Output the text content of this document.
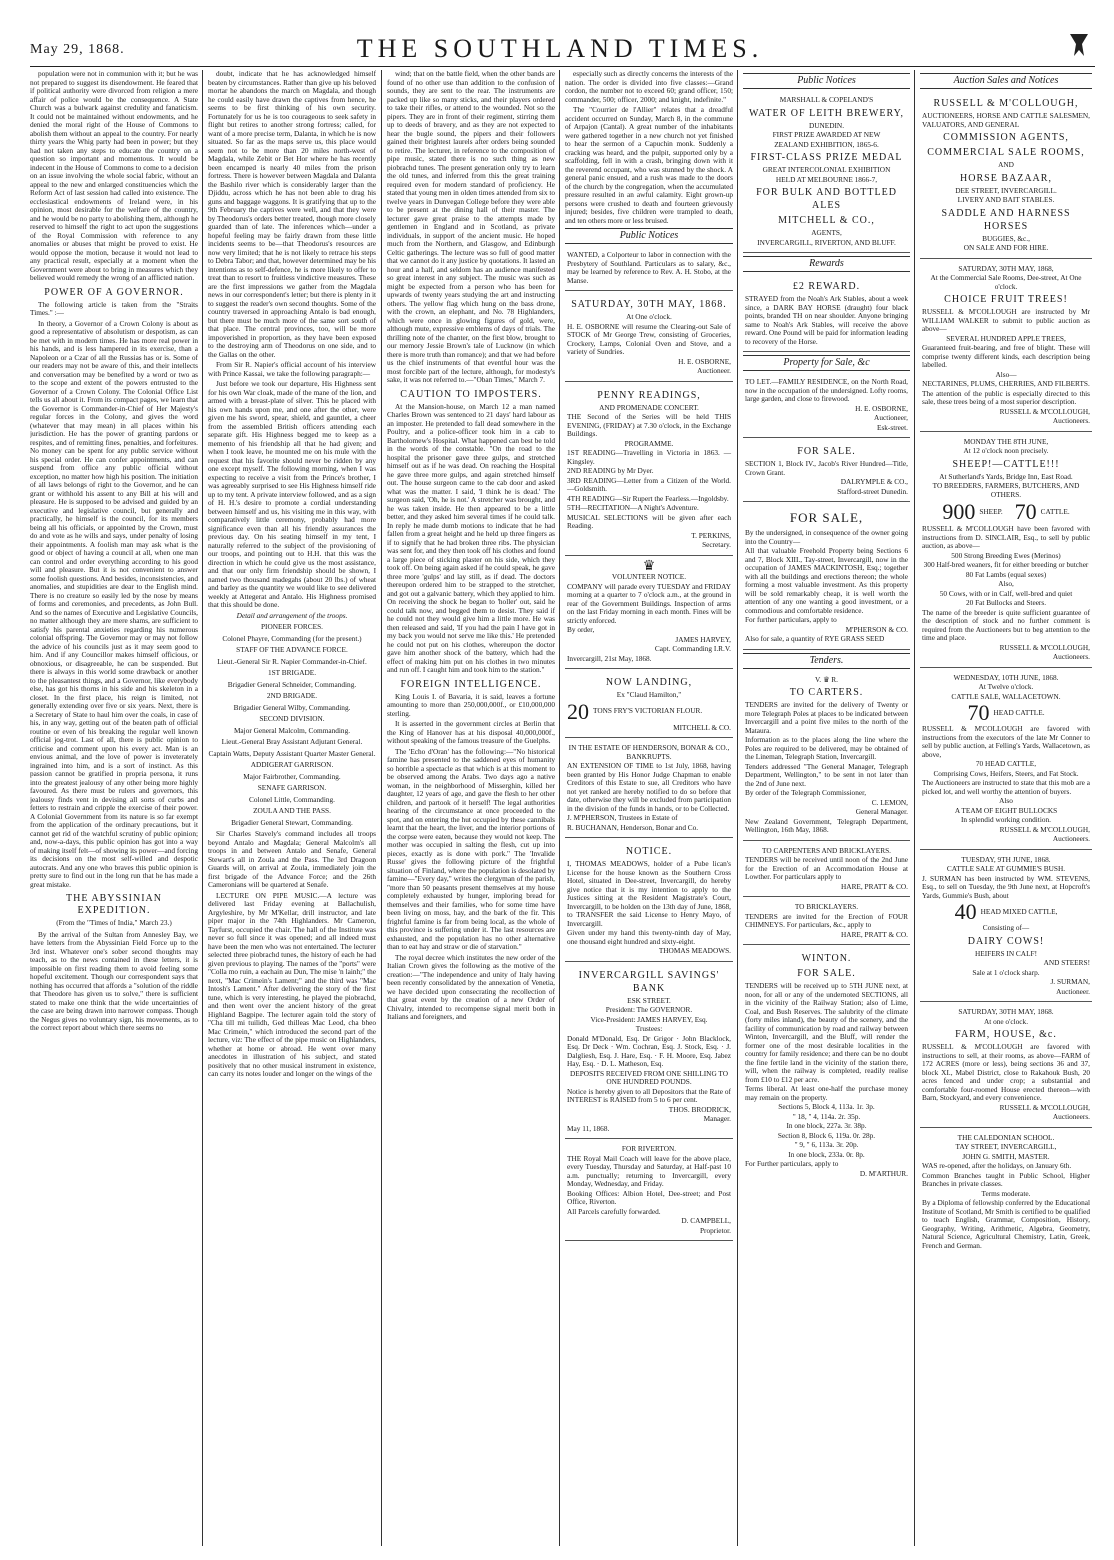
May 29, 1868.	THE SOUTHLAND TIMES.

population were not in communion with it; but he was not prepared to suggest its disendowment. He feared that if political authority were divorced from religion a mere affair of police would be the consequence. A State Church was a bulwark against credulity and fanaticism. It could not be maintained without endowments, and he denied the moral right of the House of Commons to abolish them without an appeal to the country. For nearly thirty years the Whig party had been in power; but they had not taken any steps to educate the country on a question so important and momentous. It would be indecent in the House of Commons to come to a decision on an issue involving the whole social fabric, without an appeal to the new and enlarged constituencies which the Reform Act of last session had called into existence. The ecclesiastical endowments of Ireland were, in his opinion, most desirable for the welfare of the country, and he would be no party to abolishing them, although he reserved to himself the right to act upon the suggestions of the Royal Commission with reference to any anomalies or abuses that might be proved to exist. He would oppose the motion, because it would not lead to any practical result, especially at a moment when the Government were about to bring in measures which they believed would remedy the wrong of an afflicted nation.

POWER OF A GOVERNOR.

The following article is taken from the "Straits Times." :—

In theory, a Governor of a Crown Colony is about as good a representative of absolutism or despotism, as can be met with in modern times. He has more real power in his hands, and is less hampered in its exercise, than a Napoleon or a Czar of all the Russias has or is. Some of our readers may not be aware of this, and their intellects and conversation may be benefited by a word or two as to the scope and extent of the powers entrusted to the Governor of a Crown Colony. The Colonial Office List tells us all about it. From its compact pages, we learn that the Governor is Commander-in-Chief of Her Majesty's regular forces in the Colony, and gives the word (whatever that may mean) in all places within his jurisdiction. He has the power of granting pardons or respites, and of remitting fines, penalties, and forfeitures. No money can be spent for any public service without his special order. He can confer appointments, and can suspend from office any public official without exception, no matter how high his position. The initiation of all laws belongs of right to the Governor, and he can grant or withhold his assent to any Bill at his will and pleasure. He is supposed to be advised and guided by an executive and legislative council, but generally and practically, he himself is the council, for its members being all his officials, or appointed by the Crown, must do and vote as he wills and says, under penalty of losing their appointments. A foolish man may ask what is the good or object of having a council at all, when one man can control and order everything according to his good will and pleasure. But it is not convenient to answer some foolish questions. And besides, inconsistencies, and anomalies, and stupidities are dear to the English mind. There is no creature so easily led by the nose by means of forms and ceremonies, and precedents, as John Bull. And so the names of Executive and Legislative Councils, no matter although they are mere shams, are sufficient to satisfy his parental anxieties regarding his numerous colonial offspring. The Governor may or may not follow the advice of his councils just as it may seem good to him. And if any Councillor makes himself officious, or obnoxious, or disagreeable, he can be suspended. But there is always in this world some drawback or another to the pleasantest things, and a Governor, like everybody else, has got his thorns in his side and his skeleton in a closet. In the first place, his reign is limited, not generally extending over five or six years. Next, there is a Secretary of State to haul him over the coals, in case of his, in any way, getting out of the beaten path of official routine or even of his breaking the regular well known official jog-trot. Last of all, there is public opinion to criticise and comment upon his every act. Man is an envious animal, and the love of power is inveterately ingrained into him, and is a sort of instinct. As this passion cannot be gratified in propria persona, it runs into the greatest jealousy of any other being more highly favoured. As there must be rulers and governors, this jealousy finds vent in devising all sorts of curbs and fetters to restrain and cripple the exercise of their power. A Colonial Government from its nature is so far exempt from the application of the ordinary precautions, but it cannot get rid of the watchful scrutiny of public opinion; and, now-a-days, this public opinion has got into a way of making itself felt—of showing its power—and forcing its decisions on the most self-willed and despotic autocrats. And any one who braves this public opinion is pretty sure to find out in the long run that he has made a great mistake.

THE ABYSSINIAN EXPEDITION.
(From the "Times of India," March 23.)

By the arrival of the Sultan from Annesley Bay, we have letters from the Abyssinian Field Force up to the 3rd inst. Whatever one's sober second thoughts may teach, as to the news contained in these letters, it is impossible on first reading them to avoid feeling some hopeful excitement. Though our correspondent says that nothing has occurred that affords a "solution of the riddle that Theodore has given us to solve," there is sufficient stated to make one think that the wide uncertainties of the case are being drawn into narrower compass. Though the Negus gives no voluntary sign, his movements, as to the correct report about which there seems no

doubt, indicate that he has acknowledged himself beaten by circumstances. Rather than give up his beloved mortar he abandons the march on Magdala, and though he could easily have drawn the captives from hence, he seems to be first thinking of his own security. Fortunately for us he is too courageous to seek safety in flight but retires to another strong fortress; called, for want of a more precise term, Dalanta, in which he is now situated. So far as the maps serve us, this place would seem not to be more than 20 miles north-west of Magdala, while Zebit or Bet Hor where he has recently been encamped is nearly 40 miles from the prison fortress. There is however between Magdala and Dalanta the Bashilo river which is considerably larger than the Djiddu, across which he has not been able to drag his guns and baggage waggons. It is gratifying that up to the 9th February the captives were well, and that they were by Theodorus's orders better treated, though more closely guarded than of late. The inferences which—under a hopeful feeling may be fairly drawn from these little incidents seems to be—that Theodorus's resources are now very limited; that he is not likely to retrace his steps to Debra Tabor; and that, however determined may be his intentions as to self-defence, he is more likely to offer to treat than to resort to fruitless vindictive measures. These are the first impressions we gather from the Magdala news in our correspondent's letter; but there is plenty in it to suggest the reader's own second thoughts. Some of the country traversed in approaching Antalo is bad enough, but there must be much more of the same sort south of that place. The central provinces, too, will be more impoverished in proportion, as they have been exposed to the destroying arm of Theodorus on one side, and to the Gallas on the other.

From Sir R. Napier's official account of his interview with Prince Kassai, we take the following paragraph:—

Just before we took our departure, His Highness sent for his own War cloak, made of the mane of the lion, and armed with a breast-plate of silver. This he placed with his own hands upon me, and one after the other, were given me his sword, spear, shield, and gauntlet, a cheer from the assembled British officers attending each separate gift. His Highness begged me to keep as a memento of his friendship all that he had given; and when I took leave, he mounted me on his mule with the request that his favorite should never be ridden by any one except myself. The following morning, when I was expecting to receive a visit from the Prince's brother, I was agreeably surprised to see His Highness himself ride up to my tent. A private interview followed, and as a sign of H. H.'s desire to promote a cordial understanding between himself and us, his visiting me in this way, with comparatively little ceremony, probably had more significance even than all his friendly assurances the previous day. On his seating himself in my tent, I naturally referred to the subject of the provisioning of our troops, and pointing out to H.H. that this was the direction in which he could give us the most assistance, and that our only firm friendship should be shown, I named two thousand madegahs (about 20 lbs.) of wheat and barley as the quantity we would like to see delivered weekly at Attegerat and Antalo. His Highness promised that this should be done.

Detail and arrangement of the troops.
PIONEER FORCES.
Colonel Phayre, Commanding (for the present.)
STAFF OF THE ADVANCE FORCE.
Lieut.-General Sir R. Napier Commander-in-Chief.
1ST BRIGADE.
Brigadier General Schneider, Commanding.
2ND BRIGADE.
Brigadier General Wilby, Commanding.
SECOND DIVISION.
Major General Malcolm, Commanding.
Lieut.-General Bray Assistant Adjutant General.
Captain Watts, Deputy Assistant Quarter Master General.
ADDIGERAT GARRISON.
Major Fairbrother, Commanding.
SENAFE GARRISON.
Colonel Little, Commanding.
ZOULA AND THE PASS.
Brigadier General Stewart, Commanding.

Sir Charles Stavely's command includes all troops beyond Antalo and Magdala; General Malcolm's all troops in and between Antalo and Senafe, General Stewart's all in Zoula and the Pass. The 3rd Dragoon Guards will, on arrival at Zoula, immediately join the first brigade of the Advance Force; and the 26th Cameronians will be quartered at Senafe.

LECTURE ON PIPE MUSIC.—A lecture was delivered last Friday evening at Ballachulish, Argyleshire, by Mr M'Kellar, drill instructor, and late piper major in the 74th Highlanders. Mr Cameron, Tayfurst, occupied the chair. The hall of the Institute was never so full since it was opened; and all indeed must have been the men who was not entertained. The lecturer selected three piobrachd tunes, the history of each he had given previous to playing. The names of the "ports" were "Colla mo ruin, a eachain au Dun, The mise 'n lainh;" the next, "Mac Crimein's Lament;" and the third was "Mac Intosh's Lament." After delivering the story of the first tune, which is very interesting, he played the piobrachd, and then went over the ancient history of the great Highland Bagpipe. The lecturer again told the story of "Cha till mi tuilidh, Ged thilleas Mac Leod, cha bheo Mac Crimein," which introduced the second part of the lecture, viz: The effect of the pipe music on Highlanders, whether at home or abroad. He went over many anecdotes in illustration of his subject, and stated positively that no other musical instrument in existence, can carry its notes louder and longer on the wings of the

wind; that on the battle field, when the other bands are found of no other use than addition to the confusion of sounds, they are sent to the rear. The instruments are packed up like so many sticks, and their players ordered to take their rifles, or attend to the wounded. Not so the pipers. They are in front of their regiment, stirring them up to deeds of bravery, and as they are not expected to hear the bugle sound, the pipers and their followers gained their brightest laurels after orders being sounded to retire. The lecturer, in reference to the composition of pipe music, stated there is no such thing as new piobrachd tunes. The present generation only try to learn the old tunes, and inferred from this the great training required even for modern standard of proficiency. He stated that young men in olden times attended from six to twelve years in Dunvegan College before they were able to be present at the dining hall of their master. The lecturer gave great praise to the attempts made by gentlemen in England and in Scotland, as private individuals, in support of the ancient music. He hoped much from the Northern, and Glasgow, and Edinburgh Celtic gatherings. The lecture was so full of good matter that we cannot do it any justice by quotations. It lasted an hour and a half, and seldom has an audience manifested so great interest in any subject. The music was such as might be expected from a person who has been for upwards of twenty years studying the art and instructing others. The yellow flag which hung on the bass drone, with the crown, an elephant, and No. 78 Highlanders, which were once in glowing figures of gold, were, although mute, expressive emblems of days of trials. The thrilling note of the chanter, on the first blow, brought to our memory Jessie Brown's tale of Lucknow (in which there is more truth than romance); and that we had before us the chief instruments of that eventful hour was the most forcible part of the lecture, although, for modesty's sake, it was not referred to.—"Oban Times," March 7.

CAUTION TO IMPOSTERS.

At the Mansion-house, on March 12 a man named Charles Brown was sentenced to 21 days' hard labour as an imposter. He pretended to fall dead somewhere in the Poultry, and a police-officer took him in a cab to Bartholomew's Hospital. What happened can best be told in the words of the constable. "On the road to the hospital the prisoner gave three gulps, and stretched himself out as if he was dead. On reaching the Hospital he gave three more gulps, and again stretched himself out. The house surgeon came to the cab door and asked what was the matter. I said, 'I think he is dead.' The surgeon said, 'Oh, he is not.' A stretcher was brought, and he was taken inside. He then appeared to be a little better, and they asked him several times if he could talk. In reply he made dumb motions to indicate that he had fallen from a great height and he held up three fingers as if to signify that he had broken three ribs. The physician was sent for, and they then took off his clothes and found a large piece of sticking plaster on his side, which they took off. On being again asked if he could speak, he gave three more 'gulps' and lay still, as if dead. The doctors thereupon ordered him to be strapped to the stretcher, and got out a galvanic battery, which they applied to him. On receiving the shock he began to 'holler' out, said he could talk now, and begged them to desist. They said if he could not they would give him a little more. He was then released and said, 'If you had the pain I have got in my back you would not serve me like this.' He pretended he could not put on his clothes, whereupon the doctor gave him another shock of the battery, which had the effect of making him put on his clothes in two minutes and run off. I caught him and took him to the station."

FOREIGN INTELLIGENCE.

King Louis I. of Bavaria, it is said, leaves a fortune amounting to more than 250,000,000f., or £10,000,000 sterling.

It is asserted in the government circles at Berlin that the King of Hanover has at his disposal 40,000,000f., without speaking of the famous treasure of the Guelphs.

The 'Echo d'Oran' has the following:—"No historical famine has presented to the saddened eyes of humanity so horrible a spectacle as that which is at this moment to be observed among the Arabs. Two days ago a native woman, in the neighborhood of Misserghin, killed her daughter, 12 years of age, and gave the flesh to her other children, and partook of it herself! The legal authorities hearing of the circumstance at once proceeded to the spot, and on entering the hut occupied by these cannibals learnt that the heart, the liver, and the interior portions of the corpse were eaten, because they would not keep. The mother was occupied in salting the flesh, cut up into pieces, exactly as is done with pork." The 'Invalide Russe' gives the following picture of the frightful situation of Finland, where the population is desolated by famine—"Every day," writes the clergyman of the parish, "more than 50 peasants present themselves at my house completely exhausted by hunger, imploring bread for themselves and their families, who for some time have been living on moss, hay, and the bark of the fir. This frightful famine is far from being local, as the whole of this province is suffering under it. The last resources are exhausted, and the population has no other alternative than to eat hay and straw or die of starvation."

The royal decree which institutes the new order of the Italian Crown gives the following as the motive of the creation:—"The independence and unity of Italy having been recently consolidated by the annexation of Venetia, we have decided upon consecrating the recollection of that great event by the creation of a new Order of Chivalry, intended to recompense signal merit both in Italians and foreigners, and

especially such as directly concerns the interests of the nation. The order is divided into five classes:—Grand cordon, the number not to exceed 60; grand officer, 150; commander, 500; officer, 2000; and knight, indefinite."

The "Courrier de l'Allier" relates that a dreadful accident occurred on Sunday, March 8, in the commune of Arpajon (Cantal). A great number of the inhabitants were gathered together in a new church not yet finished to hear the sermon of a Capuchin monk. Suddenly a cracking was heard, and the pulpit, supported only by a scaffolding, fell in with a crash, bringing down with it the reverend occupant, who was stunned by the shock. A general panic ensued, and a rush was made to the doors of the church by the congregation, when the accumulated pressure resulted in an awful calamity. Eight grown-up persons were crushed to death and fourteen grievously injured; besides, five children were trampled to death, and ten others more or less bruised.

Public Notices
WANTED, a Colporteur to labor in connection with the Presbytery of Southland. Particulars as to salary, &c., may be learned by reference to Rev. A. H. Stobo, at the Manse.
SATURDAY, 30TH MAY, 1868.
At One o'clock.
H. E. OSBORNE will resume the Clearing-out Sale of STOCK of Mr George Trew, consisting of Groceries, Crockery, Lamps, Colonial Oven and Stove, and a variety of Sundries.
H. E. OSBORNE,
Auctioneer.
PENNY READINGS,
AND PROMENADE CONCERT.
THE Second of the Series will be held THIS EVENING, (FRIDAY) at 7.30 o'clock, in the Exchange Buildings.
PROGRAMME.
1ST READING—Travelling in Victoria in 1863. —Kingsley.
2ND READING by Mr Dyer.
3RD READING—Letter from a Citizen of the World.—Goldsmith.
4TH READING—Sir Rupert the Fearless.—Ingoldsby.
5TH—RECITATION—A Night's Adventure.
MUSICAL SELECTIONS will be given after each Reading.
T. PERKINS,
Secretary.
♛
VOLUNTEER NOTICE.
COMPANY will parade every TUESDAY and FRIDAY morning at a quarter to 7 o'clock a.m., at the ground in rear of the Government Buildings. Inspection of arms on the last Friday morning in each month. Fines will be strictly enforced.
By order,
JAMES HARVEY,
Capt. Commanding I.R.V.
Invercargill, 21st May, 1868.
NOW LANDING,
Ex "Claud Hamilton,"
20 TONS FRY'S VICTORIAN FLOUR.
MITCHELL & CO.
IN THE ESTATE OF HENDERSON, BONAR & CO., BANKRUPTS.
AN EXTENSION OF TIME to 1st July, 1868, having been granted by His Honor Judge Chapman to enable Creditors of this Estate to sue, all Creditors who have not yet ranked are hereby notified to do so before that date, otherwise they will be excluded from participation in the division of the funds in hands, or to be Collected.
J. M'PHERSON, Trustees in Estate of
R. BUCHANAN, Henderson, Bonar and Co.
NOTICE.
I, THOMAS MEADOWS, holder of a Pube lican's License for the house known as the Southern Cross Hotel, situated in Dee-street, Invercargill, do hereby give notice that it is my intention to apply to the Justices sitting at the Resident Magistrate's Court, Invercargill, to be holden on the 13th day of June, 1868, to TRANSFER the said License to Henry Mayo, of Invercargill.
Given under my hand this twenty-ninth day of May, one thousand eight hundred and sixty-eight.
THOMAS MEADOWS.
INVERCARGILL SAVINGS' BANK
ESK STREET.
President: The GOVERNOR.
Vice-President: JAMES HARVEY, Esq.
Trustees:
Donald M'Donald, Esq. Dr Grigor · John Blacklock, Esq. Dr Deck · Wm. Cochran, Esq. J. Stock, Esq. · J. Dalgliesh, Esq. J. Hare, Esq. · F. H. Moore, Esq. Jabez Hay, Esq. · D. L. Matheson, Esq.
DEPOSITS RECEIVED FROM ONE SHILLING TO ONE HUNDRED POUNDS.
Notice is hereby given to all Depositors that the Rate of INTEREST is RAISED from 5 to 6 per cent.
THOS. BRODRICK,
Manager.
May 11, 1868.
FOR RIVERTON.
THE Royal Mail Coach will leave for the above place, every Tuesday, Thursday and Saturday, at Half-past 10 a.m. punctually; returning to Invercargill, every Monday, Wednesday, and Friday.
Booking Offices: Albion Hotel, Dee-street; and Post Office, Riverton.
All Parcels carefully forwarded.
D. CAMPBELL,
Proprietor.
Public Notices
MARSHALL & COPELAND'S
WATER OF LEITH BREWERY,
DUNEDIN.
FIRST PRIZE AWARDED AT NEW
ZEALAND EXHIBITION, 1865-6.
FIRST-CLASS PRIZE MEDAL
GREAT INTERCOLONIAL EXHIBITION
HELD AT MELBOURNE 1866-7,
FOR BULK AND BOTTLED ALES
MITCHELL & CO.,
AGENTS,
INVERCARGILL, RIVERTON, AND BLUFF.
Rewards
£2 REWARD.
STRAYED from the Noah's Ark Stables, about a week since, a DARK BAY HORSE (draught) four black points, branded TH on near shoulder. Anyone bringing same to Noah's Ark Stables, will receive the above reward. One Pound will be paid for information leading to recovery of the Horse.
Property for Sale, &c
TO LET.—FAMILY RESIDENCE, on the North Road, now in the occupation of the undersigned. Lofty rooms, large garden, and close to firewood.
H. E. OSBORNE,
Auctioneer,
Esk-street.
FOR SALE.
SECTION 1, Block IV., Jacob's River Hundred—Title, Crown Grant.
DALRYMPLE & CO.,
Stafford-street Dunedin.
FOR SALE,
By the undersigned, in consequence of the owner going into the Country—
All that valuable Freehold Property being Sections 6 and 7, Block XIII., Tay-street, Invercargill, now in the occupation of JAMES MACKINTOSH, Esq.; together with all the buildings and erections thereon; the whole forming a most valuable investment. As this property will be sold remarkably cheap, it is well worth the attention of any one wanting a good investment, or a commodious and comfortable residence.
For further particulars, apply to
M'PHERSON & CO.
Also for sale, a quantity of RYE GRASS SEED
Tenders.
V. ♛ R.
TO CARTERS.
TENDERS are invited for the delivery of Twenty or more Telegraph Poles at places to be indicated between Invercargill and a point five miles to the north of the Mataura.
Information as to the places along the line where the Poles are required to be delivered, may be obtained of the Lineman, Telegraph Station, Invercargill.
Tenders addressed "The General Manager, Telegraph Department, Wellington," to be sent in not later than the 2nd of June next.
By order of the Telegraph Commissioner,
C. LEMON,
General Manager.
New Zealand Government, Telegraph Department, Wellington, 16th May, 1868.
TO CARPENTERS AND BRICKLAYERS.
TENDERS will be received until noon of the 2nd June for the Erection of an Accommodation House at Lowther. For particulars apply to
HARE, PRATT & CO.
TO BRICKLAYERS.
TENDERS are invited for the Erection of FOUR CHIMNEYS. For particulars, &c., apply to
HARE, PRATT & CO.
WINTON.
FOR SALE.
TENDERS will be received up to 5TH JUNE next, at noon, for all or any of the undernoted SECTIONS, all in the vicinity of the Railway Station; also of Lime, Coal, and Bush Reserves. The salubrity of the climate (forty miles inland), the beauty of the scenery, and the facility of communication by road and railway between Winton, Invercargill, and the Bluff, will render the former one of the most desirable localities in the country for family residence; and there can be no doubt the fine fertile land in the vicinity of the station there, will, when the railway is completed, readily realise from £10 to £12 per acre.
Terms liberal. At least one-half the purchase money may remain on the property.
Sections 5, Block 4, 113a. 1r. 3p.
" 18, " 4, 114a. 2r. 35p.
In one block, 227a. 3r. 38p.
Section 8, Block 6, 119a. 0r. 28p.
" 9, " 6, 113a. 3r. 20p.
In one block, 233a. 0r. 8p.
For Further particulars, apply to
D. M'ARTHUR.
Auction Sales and Notices
RUSSELL & M'COLLOUGH,
AUCTIONEERS, HORSE AND CATTLE SALESMEN, VALUATORS, AND GENERAL
COMMISSION AGENTS,
COMMERCIAL SALE ROOMS,
AND
HORSE BAZAAR,
DEE STREET, INVERCARGILL.
LIVERY AND BAIT STABLES.
SADDLE AND HARNESS HORSES
BUGGIES, &c.,
ON SALE AND FOR HIRE.
SATURDAY, 30TH MAY, 1868,
At the Commercial Sale Rooms, Dee-street, At One o'clock.
CHOICE FRUIT TREES!
RUSSELL & M'COLLOUGH are instructed by Mr WILLIAM WALKER to submit to public auction as above—
SEVERAL HUNDRED APPLE TREES,
Guaranteed fruit-bearing, and free of blight. These will comprise twenty different kinds, each description being labelled.
Also—
NECTARINES, PLUMS, CHERRIES, AND FILBERTS.
The attention of the public is especially directed to this sale, these trees being of a most superior description.
RUSSELL & M'COLLOUGH,
Auctioneers.
MONDAY THE 8TH JUNE,
At 12 o'clock noon precisely.
SHEEP!—CATTLE!!!
At Sutherland's Yards, Bridge Inn, East Road.
TO BREEDERS, FARMERS, BUTCHERS, AND OTHERS.
900 SHEEP. 70 CATTLE.
RUSSELL & M'COLLOUGH have been favored with instructions from D. SINCLAIR, Esq., to sell by public auction, as above—
500 Strong Breeding Ewes (Merinos)
300 Half-bred weaners, fit for either breeding or butcher
80 Fat Lambs (equal sexes)
Also,
50 Cows, with or in Calf, well-bred and quiet
20 Fat Bullocks and Steers.
The name of the breeder is quite sufficient guarantee of the description of stock and no further comment is required from the Auctioneers but to beg attention to the time and place.
RUSSELL & M'COLLOUGH,
Auctioneers.
WEDNESDAY, 10TH JUNE, 1868.
At Twelve o'clock.
CATTLE SALE, WALLACETOWN.
70 HEAD CATTLE.
RUSSELL & M'COLLOUGH are favored with instructions from the executors of the late Mr Conner to sell by public auction, at Felling's Yards, Wallacetown, as above,
70 HEAD CATTLE,
Comprising Cows, Heifers, Steers, and Fat Stock.
The Auctioneers are instructed to state that this mob are a picked lot, and well worthy the attention of buyers.
Also
A TEAM OF EIGHT BULLOCKS
In splendid working condition.
RUSSELL & M'COLLOUGH,
Auctioneers.
TUESDAY, 9TH JUNE, 1868.
CATTLE SALE AT GUMMIE'S BUSH.
J. SURMAN has been instructed by WM. STEVENS, Esq., to sell on Tuesday, the 9th June next, at Hopcroft's Yards, Gummie's Bush, about
40 HEAD MIXED CATTLE,
Consisting of—
DAIRY COWS!
HEIFERS IN CALF!
AND STEERS!
Sale at 1 o'clock sharp.
J. SURMAN,
Auctioneer.
SATURDAY, 30TH MAY, 1868.
At one o'clock.
FARM, HOUSE, &c.
RUSSELL & M'COLLOUGH are favored with instructions to sell, at their rooms, as above—FARM of 172 ACRES (more or less), being sections 36 and 37, block XI., Mabel District, close to Rakahouk Bush, 20 acres fenced and under crop; a substantial and comfortable four-roomed House erected thereon—with Barn, Stockyard, and every convenience.
RUSSELL & M'COLLOUGH,
Auctioneers.
THE CALEDONIAN SCHOOL.
TAY STREET, INVERCARGILL,
JOHN G. SMITH, MASTER.
WAS re-opened, after the holidays, on January 6th.
Common Branches taught in Public School, Higher Branches in private classes.
Terms moderate.
By a Diploma of fellowship conferred by the Educational Institute of Scotland, Mr Smith is certified to be qualified to teach English, Grammar, Composition, History, Geography, Writing, Arithmetic, Algebra, Geometry, Natural Science, Agricultural Chemistry, Latin, Greek, French and German.
